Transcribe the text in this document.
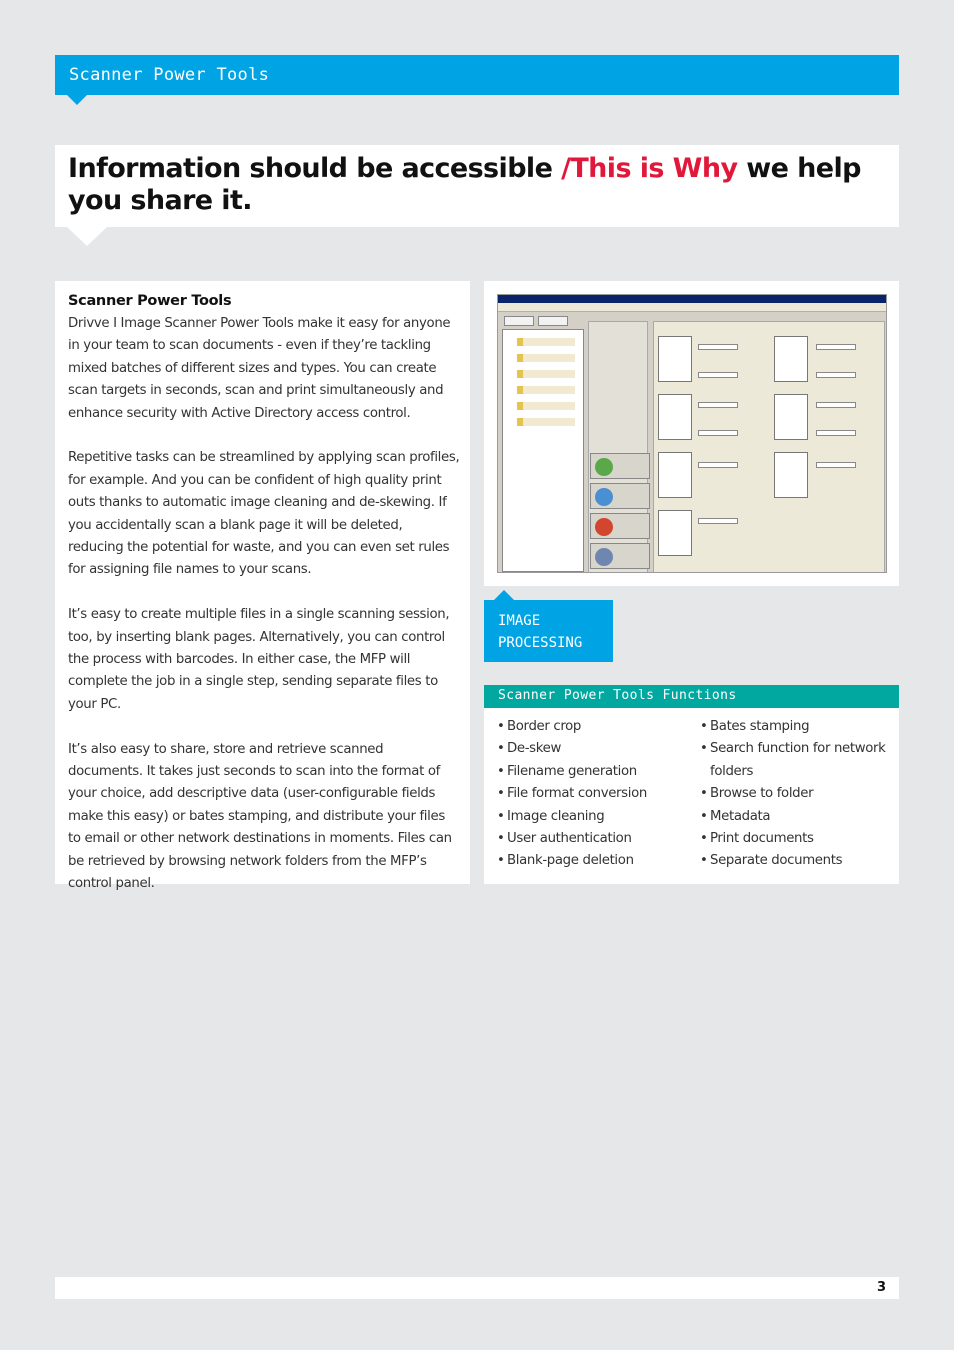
Scanner Power Tools
Information should be accessible /This is Why we help you share it.
Scanner Power Tools

Drivve I Image Scanner Power Tools make it easy for anyone in your team to scan documents - even if they’re tackling mixed batches of different sizes and types. You can create scan targets in seconds, scan and print simultaneously and enhance security with Active Directory access control.

Repetitive tasks can be streamlined by applying scan profiles, for example. And you can be confident of high quality print outs thanks to automatic image cleaning and de-skewing. If you accidentally scan a blank page it will be deleted, reducing the potential for waste, and you can even set rules for assigning file names to your scans.

It’s easy to create multiple files in a single scanning session, too, by inserting blank pages. Alternatively, you can control the process with barcodes. In either case, the MFP will complete the job in a single step, sending separate files to your PC.

It’s also easy to share, store and retrieve scanned documents. It takes just seconds to scan into the format of your choice, add descriptive data (user-configurable fields make this easy) or bates stamping, and distribute your files to email or other network destinations in moments. Files can be retrieved by browsing network folders from the MFP’s control panel.

IMAGE
PROCESSING
Scanner Power Tools Functions
• Border crop
• De-skew
• Filename generation
• File format conversion
• Image cleaning
• User authentication
• Blank-page deletion
• Bates stamping
• Search function for network folders
• Browse to folder
• Metadata
• Print documents
• Separate documents
3
